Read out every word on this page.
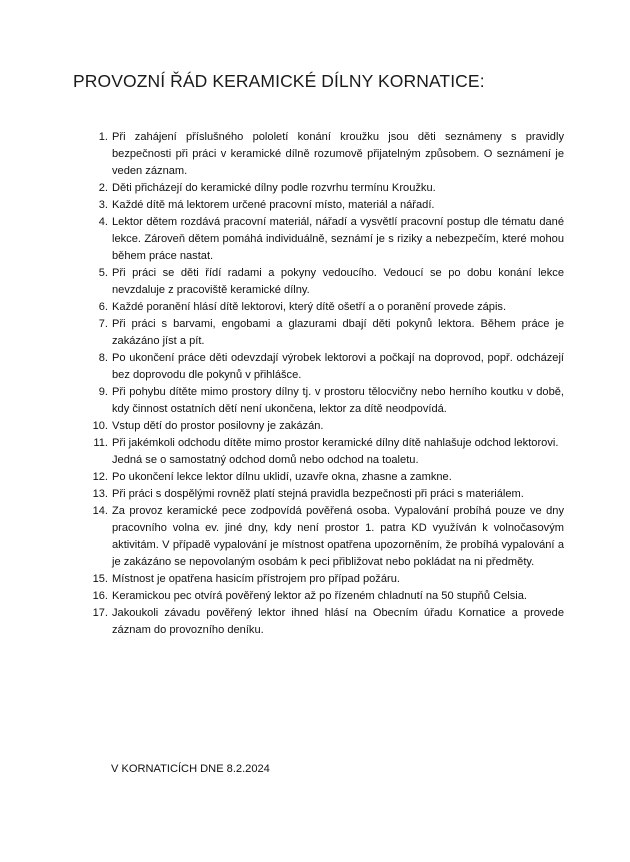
PROVOZNÍ ŘÁD KERAMICKÉ DÍLNY KORNATICE:
1. Při zahájení příslušného pololetí konání kroužku jsou děti seznámeny s pravidly bezpečnosti při práci v keramické dílně rozumově přijatelným způsobem. O seznámení je veden záznam.
2. Děti přicházejí do keramické dílny podle rozvrhu termínu Kroužku.
3. Každé dítě má lektorem určené pracovní místo, materiál a nářadí.
4. Lektor dětem rozdává pracovní materiál, nářadí a vysvětlí pracovní postup dle tématu dané lekce. Zároveň dětem pomáhá individuálně, seznámí je s riziky a nebezpečím, které mohou během práce nastat.
5. Při práci se děti řídí radami a pokyny vedoucího. Vedoucí se po dobu konání lekce nevzdaluje z pracoviště keramické dílny.
6. Každé poranění hlásí dítě lektorovi, který dítě ošetří a o poranění provede zápis.
7. Při práci s barvami, engobami a glazurami dbají děti pokynů lektora. Během práce je zakázáno jíst a pít.
8. Po ukončení práce děti odevzdají výrobek lektorovi a počkají na doprovod, popř. odcházejí bez doprovodu dle pokynů v přihlášce.
9. Při pohybu dítěte mimo prostory dílny tj. v prostoru tělocvičny nebo herního koutku v době, kdy činnost ostatních dětí není ukončena, lektor za dítě neodpovídá.
10. Vstup dětí do prostor posilovny je zakázán.
11. Při jakémkoli odchodu dítěte mimo prostor keramické dílny dítě nahlašuje odchod lektorovi.
Jedná se o samostatný odchod domů nebo odchod na toaletu.
12. Po ukončení lekce lektor dílnu uklidí, uzavře okna, zhasne a zamkne.
13. Při práci s dospělými rovněž platí stejná pravidla bezpečnosti při práci s materiálem.
14. Za provoz keramické pece zodpovídá pověřená osoba. Vypalování probíhá pouze ve dny pracovního volna ev. jiné dny, kdy není prostor 1. patra KD využíván k volnočasovým aktivitám. V případě vypalování je místnost opatřena upozorněním, že probíhá vypalování a je zakázáno se nepovolaným osobám k peci přibližovat nebo pokládat na ni předměty.
15. Místnost je opatřena hasicím přístrojem pro případ požáru.
16. Keramickou pec otvírá pověřený lektor až po řízeném chladnutí na 50 stupňů Celsia.
17. Jakoukoli závadu pověřený lektor ihned hlásí na Obecním úřadu Kornatice a provede záznam do provozního deníku.
V KORNATICÍCH DNE 8.2.2024
